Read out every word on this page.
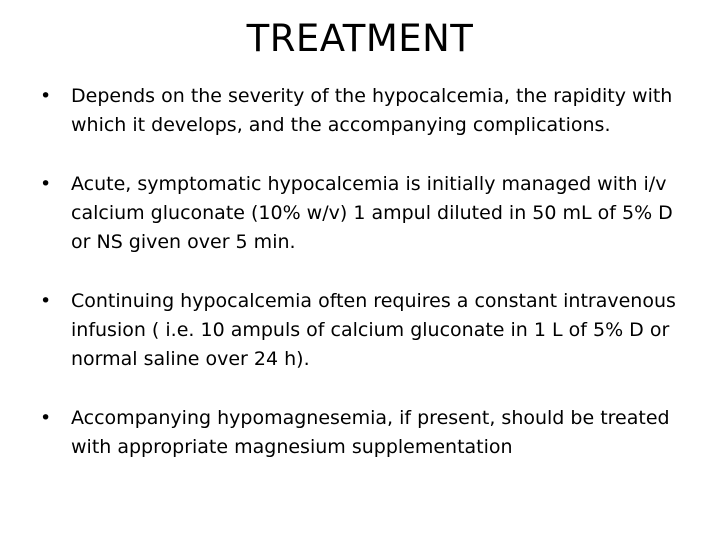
TREATMENT
•	Depends on the severity of the hypocalcemia, the rapidity with which it develops, and the accompanying complications.
•	Acute, symptomatic hypocalcemia is initially managed with i/v calcium gluconate (10% w/v) 1 ampul diluted in 50 mL of 5% D or NS given over 5 min.
•	Continuing hypocalcemia often requires a constant intravenous infusion ( i.e. 10 ampuls of calcium gluconate in 1 L of 5% D or normal saline over 24 h).
•	Accompanying hypomagnesemia, if present, should be treated with appropriate magnesium supplementation
